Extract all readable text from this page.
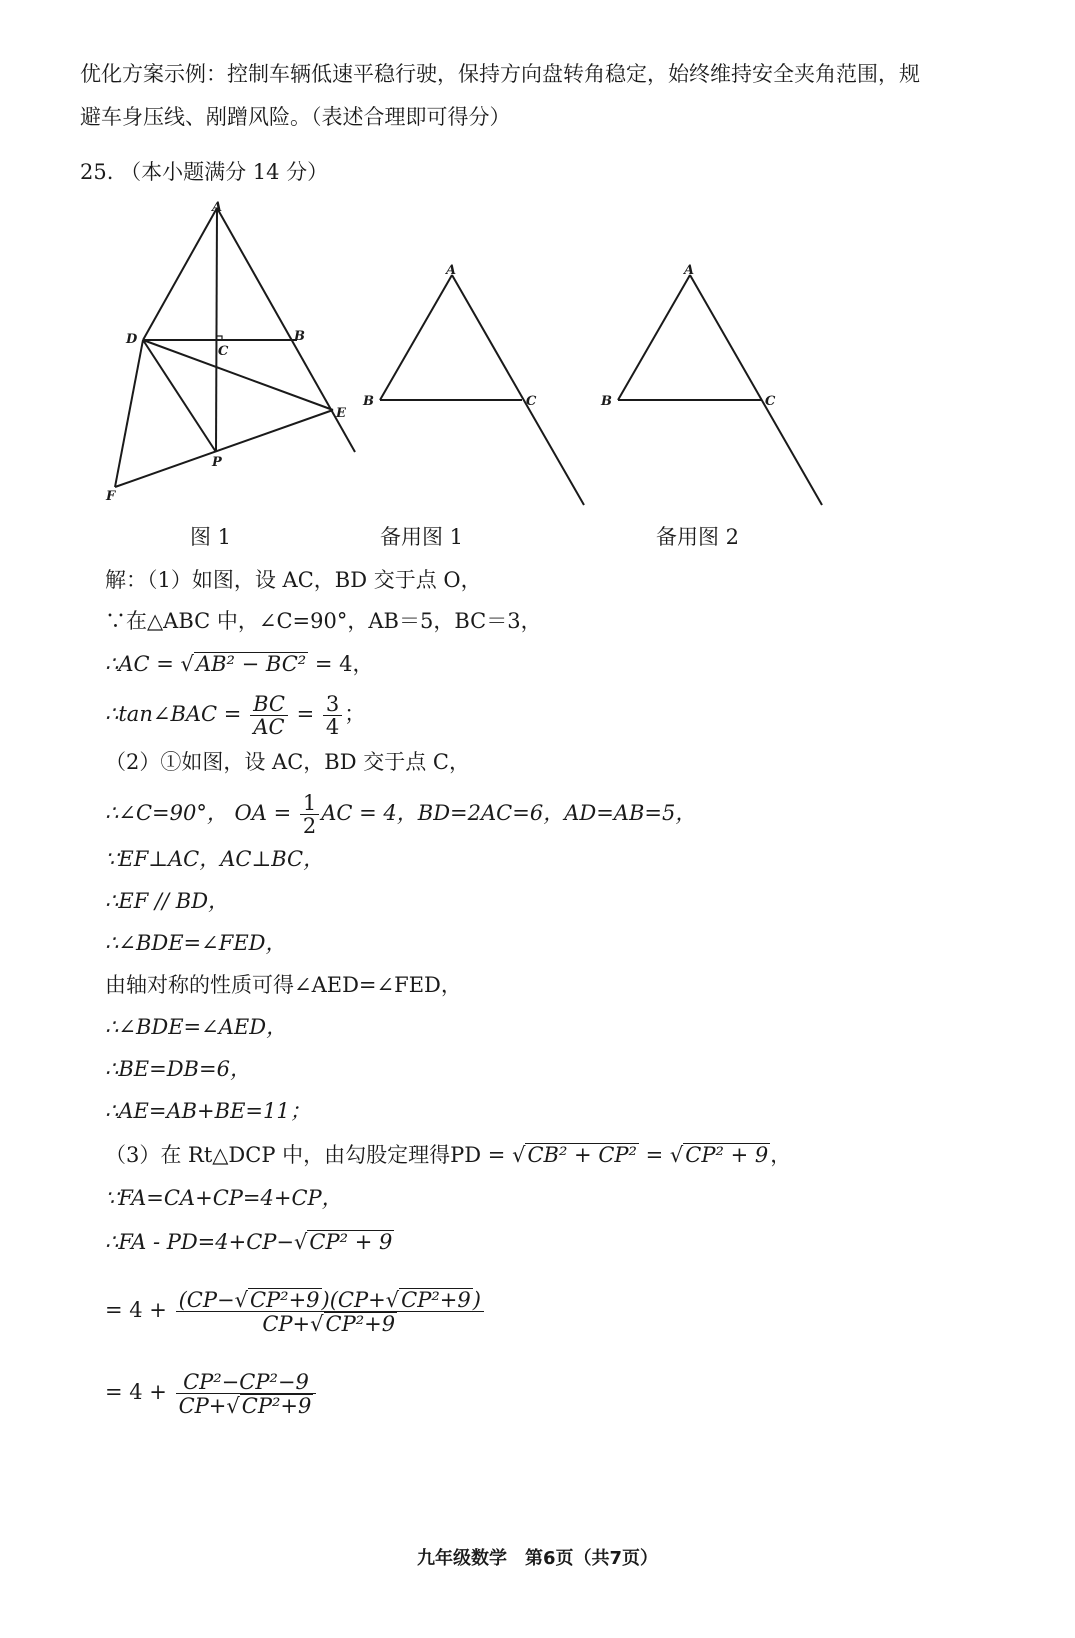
优化方案示例：控制车辆低速平稳行驶，保持方向盘转角稳定，始终维持安全夹角范围，规
避车身压线、剐蹭风险。（表述合理即可得分）
25. （本小题满分 14 分）
A
D	B
C
E
P
F
A
B	C
A
B	C
图 1	备用图 1	备用图 2
解：（1）如图，设 AC，BD 交于点 O，
∵在△ABC 中，∠C=90°，AB＝5，BC＝3，
∴AC = √AB² − BC² = 4，
∴tan∠BAC = $\frac{BC}{AC} = \frac{3}{4}$ ；
（2）①如图，设 AC，BD 交于点 C，
∴∠C=90°， OA = $\frac{1}{2}$ AC = 4，BD=2AC=6，AD=AB=5，
∵EF⊥AC，AC⊥BC，
∴EF // BD，
∴∠BDE=∠FED，
由轴对称的性质可得∠AED=∠FED，
∴∠BDE=∠AED，
∴BE=DB=6，
∴AE=AB+BE=11；
（3）在 Rt△DCP 中，由勾股定理得PD = √CB² + CP² = √CP² + 9，
∵FA=CA+CP=4+CP，
∴FA - PD=4+CP−√CP² + 9
= $4 + \frac{\text{(CP−√CP²+9)(CP+√CP²+9)}}{\text{CP+√CP²+9}}$
= $4 + \frac{\text{CP²−CP²−9}}{\text{CP+√CP²+9}}$
九年级数学　第6页（共7页）
